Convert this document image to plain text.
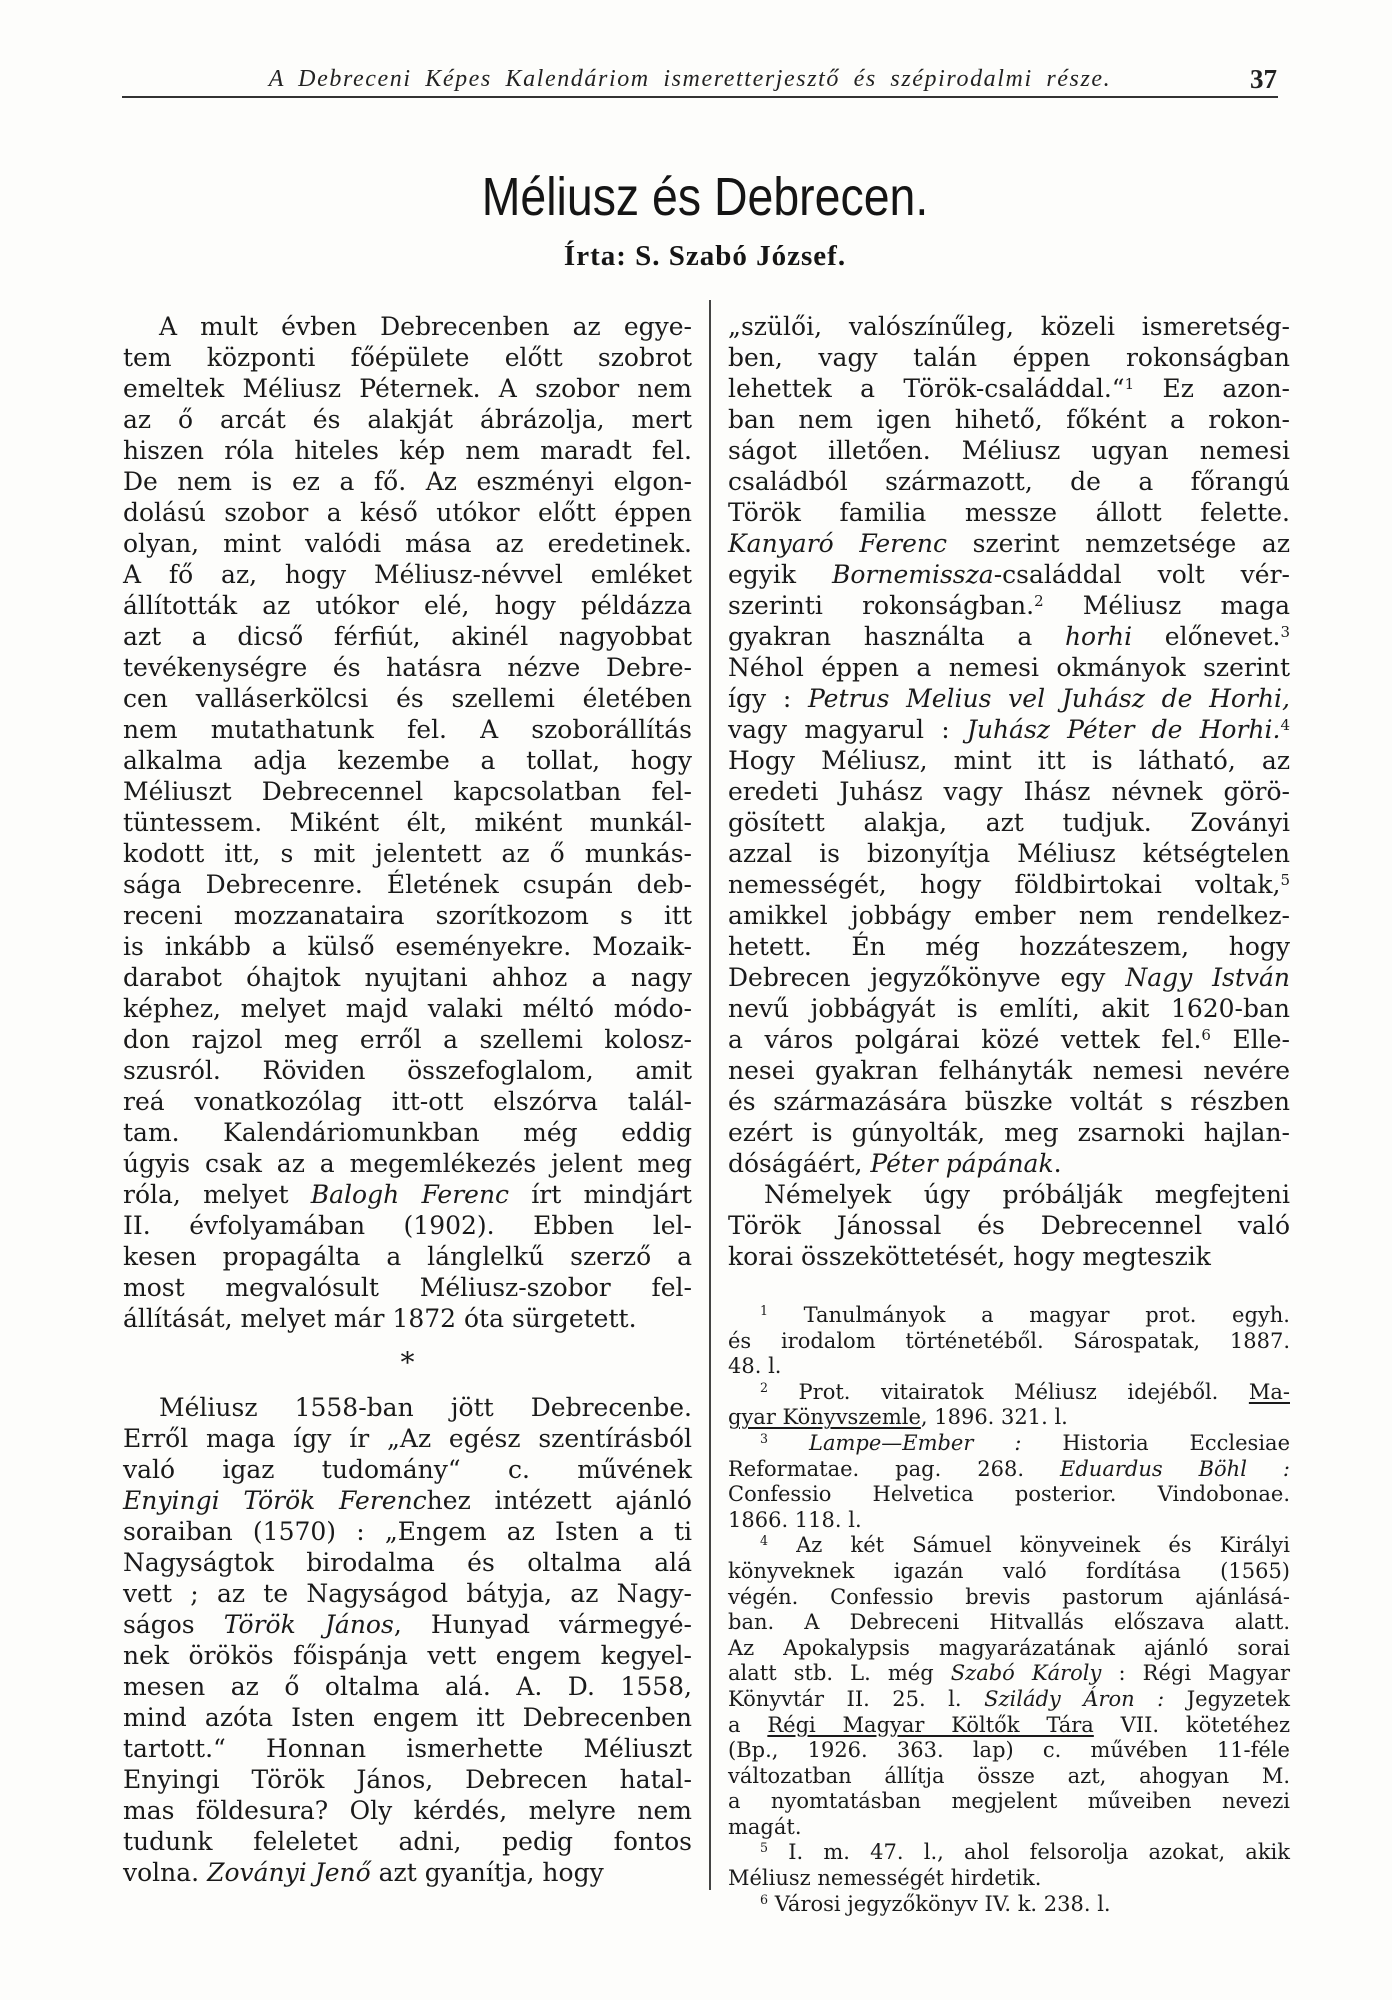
A Debreceni Képes Kalendáriom ismeretterjesztő és szépirodalmi része.	37
Méliusz és Debrecen.
Írta: S. Szabó József.
A mult évben Debrecenben az egye-
tem központi főépülete előtt szobrot
emeltek Méliusz Péternek. A szobor nem
az ő arcát és alakját ábrázolja, mert
hiszen róla hiteles kép nem maradt fel.
De nem is ez a fő. Az eszményi elgon-
dolású szobor a késő utókor előtt éppen
olyan, mint valódi mása az eredetinek.
A fő az, hogy Méliusz-névvel emléket
állították az utókor elé, hogy példázza
azt a dicső férfiút, akinél nagyobbat
tevékenységre és hatásra nézve Debre-
cen valláserkölcsi és szellemi életében
nem mutathatunk fel. A szoborállítás
alkalma adja kezembe a tollat, hogy
Méliuszt Debrecennel kapcsolatban fel-
tüntessem. Miként élt, miként munkál-
kodott itt, s mit jelentett az ő munkás-
sága Debrecenre. Életének csupán deb-
receni mozzanataira szorítkozom s itt
is inkább a külső eseményekre. Mozaik-
darabot óhajtok nyujtani ahhoz a nagy
képhez, melyet majd valaki méltó módo-
don rajzol meg erről a szellemi kolosz-
szusról. Röviden összefoglalom, amit
reá vonatkozólag itt-ott elszórva talál-
tam. Kalendáriomunkban még eddig
úgyis csak az a megemlékezés jelent meg
róla, melyet Balogh Ferenc írt mindjárt
II. évfolyamában (1902). Ebben lel-
kesen propagálta a lánglelkű szerző a
most megvalósult Méliusz-szobor fel-
állítását, melyet már 1872 óta sürgetett.
*
Méliusz 1558-ban jött Debrecenbe.
Erről maga így ír „Az egész szentírásból
való igaz tudomány“ c. művének
Enyingi Török Ferenchez intézett ajánló
soraiban (1570) : „Engem az Isten a ti
Nagyságtok birodalma és oltalma alá
vett ; az te Nagyságod bátyja, az Nagy-
ságos Török János, Hunyad vármegyé-
nek örökös főispánja vett engem kegyel-
mesen az ő oltalma alá. A. D. 1558,
mind azóta Isten engem itt Debrecenben
tartott.“ Honnan ismerhette Méliuszt
Enyingi Török János, Debrecen hatal-
mas földesura? Oly kérdés, melyre nem
tudunk feleletet adni, pedig fontos
volna. Zoványi Jenő azt gyanítja, hogy
„szülői, valószínűleg, közeli ismeretség-
ben, vagy talán éppen rokonságban
lehettek a Török-családdal.“$^1$ Ez azon-
ban nem igen hihető, főként a rokon-
ságot illetően. Méliusz ugyan nemesi
családból származott, de a főrangú
Török familia messze állott felette.
Kanyaró Ferenc szerint nemzetsége az
egyik Bornemissza-családdal volt vér-
szerinti rokonságban.$^2$ Méliusz maga
gyakran használta a horhi előnevet.$^3$
Néhol éppen a nemesi okmányok szerint
így : Petrus Melius vel Juhász de Horhi,
vagy magyarul : Juhász Péter de Horhi.$^4$
Hogy Méliusz, mint itt is látható, az
eredeti Juhász vagy Ihász névnek görö-
gösített alakja, azt tudjuk. Zoványi
azzal is bizonyítja Méliusz kétségtelen
nemességét, hogy földbirtokai voltak,$^5$
amikkel jobbágy ember nem rendelkez-
hetett. Én még hozzáteszem, hogy
Debrecen jegyzőkönyve egy Nagy István
nevű jobbágyát is említi, akit 1620-ban
a város polgárai közé vettek fel.$^6$ Elle-
nesei gyakran felhányták nemesi nevére
és származására büszke voltát s részben
ezért is gúnyolták, meg zsarnoki hajlan-
dóságáért, Péter pápának.
Némelyek úgy próbálják megfejteni
Török Jánossal és Debrecennel való
korai összeköttetését, hogy megteszik
$^1$ Tanulmányok a magyar prot. egyh.
és irodalom történetéből. Sárospatak, 1887.
48. l.
$^2$ Prot. vitairatok Méliusz idejéből. Ma-
gyar Könyvszemle, 1896. 321. l.
$^3$ Lampe—Ember : Historia Ecclesiae
Reformatae. pag. 268. Eduardus Böhl :
Confessio Helvetica posterior. Vindobonae.
1866. 118. l.
$^4$ Az két Sámuel könyveinek és Királyi
könyveknek igazán való fordítása (1565)
végén. Confessio brevis pastorum ajánlásá-
ban. A Debreceni Hitvallás előszava alatt.
Az Apokalypsis magyarázatának ajánló sorai
alatt stb. L. még Szabó Károly : Régi Magyar
Könyvtár II. 25. l. Szilády Áron : Jegyzetek
a Régi Magyar Költők Tára VII. kötetéhez
(Bp., 1926. 363. lap) c. művében 11-féle
változatban állítja össze azt, ahogyan M.
a nyomtatásban megjelent műveiben nevezi
magát.
$^5$ I. m. 47. l., ahol felsorolja azokat, akik
Méliusz nemességét hirdetik.
$^6$ Városi jegyzőkönyv IV. k. 238. l.
